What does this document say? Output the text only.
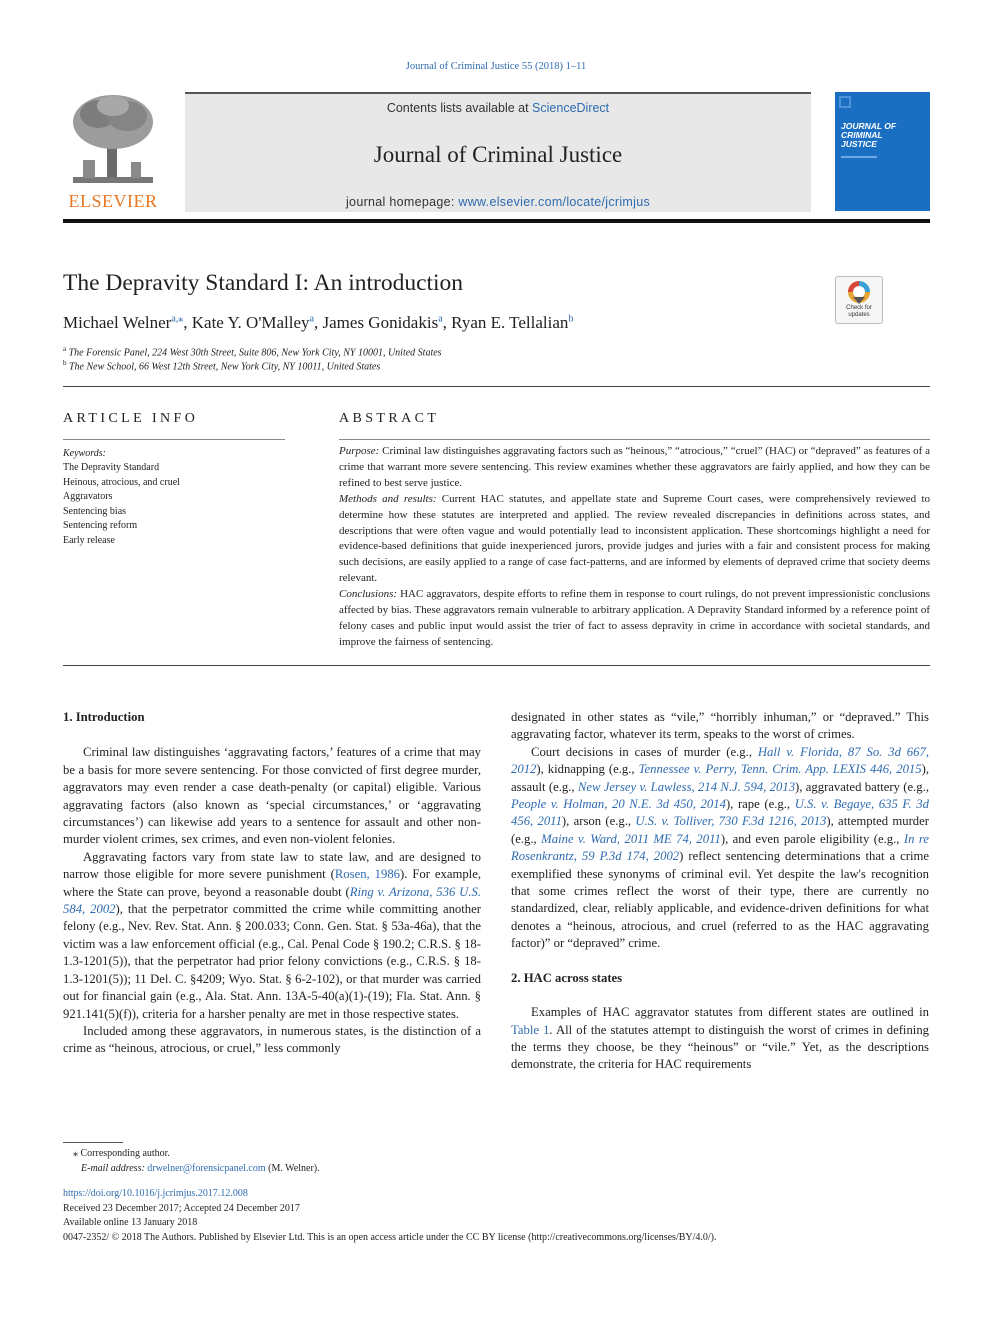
Journal of Criminal Justice 55 (2018) 1–11
ELSEVIER
Contents lists available at ScienceDirect
Journal of Criminal Justice
journal homepage: www.elsevier.com/locate/jcrimjus
JOURNAL OF CRIMINAL JUSTICE
The Depravity Standard I: An introduction
Check for updates
Michael Welner$^{a,⁎}$, Kate Y. O'Malley$^a$, James Gonidakis$^a$, Ryan E. Tellalian$^b$
$^a$ The Forensic Panel, 224 West 30th Street, Suite 806, New York City, NY 10001, United States
$^b$ The New School, 66 West 12th Street, New York City, NY 10011, United States
ARTICLE INFO
Keywords:
The Depravity Standard
Heinous, atrocious, and cruel
Aggravators
Sentencing bias
Sentencing reform
Early release
ABSTRACT

Purpose: Criminal law distinguishes aggravating factors such as “heinous,” “atrocious,” “cruel” (HAC) or “depraved” as features of a crime that warrant more severe sentencing. This review examines whether these aggravators are fairly applied, and how they can be refined to best serve justice.

Methods and results: Current HAC statutes, and appellate state and Supreme Court cases, were comprehensively reviewed to determine how these statutes are interpreted and applied. The review revealed discrepancies in definitions across states, and descriptions that were often vague and would potentially lead to inconsistent application. These shortcomings highlight a need for evidence-based definitions that guide inexperienced jurors, provide judges and juries with a fair and consistent process for making such decisions, are easily applied to a range of case fact-patterns, and are informed by elements of depraved crime that society deems relevant.

Conclusions: HAC aggravators, despite efforts to refine them in response to court rulings, do not prevent impressionistic conclusions affected by bias. These aggravators remain vulnerable to arbitrary application. A Depravity Standard informed by a reference point of felony cases and public input would assist the trier of fact to assess depravity in crime in accordance with societal standards, and improve the fairness of sentencing.

1. Introduction

Criminal law distinguishes ‘aggravating factors,’ features of a crime that may be a basis for more severe sentencing. For those convicted of first degree murder, aggravators may even render a case death-penalty (or capital) eligible. Various aggravating factors (also known as ‘special circumstances,’ or ‘aggravating circumstances’) can likewise add years to a sentence for assault and other non-murder violent crimes, sex crimes, and even non-violent felonies.

Aggravating factors vary from state law to state law, and are designed to narrow those eligible for more severe punishment (Rosen, 1986). For example, where the State can prove, beyond a reasonable doubt (Ring v. Arizona, 536 U.S. 584, 2002), that the perpetrator committed the crime while committing another felony (e.g., Nev. Rev. Stat. Ann. § 200.033; Conn. Gen. Stat. § 53a-46a), that the victim was a law enforcement official (e.g., Cal. Penal Code § 190.2; C.R.S. § 18-1.3-1201(5)), that the perpetrator had prior felony convictions (e.g., C.R.S. § 18-1.3-1201(5)); 11 Del. C. §4209; Wyo. Stat. § 6-2-102), or that murder was carried out for financial gain (e.g., Ala. Stat. Ann. 13A-5-40(a)(1)-(19); Fla. Stat. Ann. § 921.141(5)(f)), criteria for a harsher penalty are met in those respective states.

Included among these aggravators, in numerous states, is the distinction of a crime as “heinous, atrocious, or cruel,” less commonly

designated in other states as “vile,” “horribly inhuman,” or “depraved.” This aggravating factor, whatever its term, speaks to the worst of crimes.

Court decisions in cases of murder (e.g., Hall v. Florida, 87 So. 3d 667, 2012), kidnapping (e.g., Tennessee v. Perry, Tenn. Crim. App. LEXIS 446, 2015), assault (e.g., New Jersey v. Lawless, 214 N.J. 594, 2013), aggravated battery (e.g., People v. Holman, 20 N.E. 3d 450, 2014), rape (e.g., U.S. v. Begaye, 635 F. 3d 456, 2011), arson (e.g., U.S. v. Tolliver, 730 F.3d 1216, 2013), attempted murder (e.g., Maine v. Ward, 2011 ME 74, 2011), and even parole eligibility (e.g., In re Rosenkrantz, 59 P.3d 174, 2002) reflect sentencing determinations that a crime exemplified these synonyms of criminal evil. Yet despite the law's recognition that some crimes reflect the worst of their type, there are currently no standardized, clear, reliably applicable, and evidence-driven definitions for what denotes a “heinous, atrocious, and cruel (referred to as the HAC aggravating factor)” or “depraved” crime.

2. HAC across states

Examples of HAC aggravator statutes from different states are outlined in Table 1. All of the statutes attempt to distinguish the worst of crimes in defining the terms they choose, be they “heinous” or “vile.” Yet, as the descriptions demonstrate, the criteria for HAC requirements

⁎ Corresponding author.
E-mail address: drwelner@forensicpanel.com (M. Welner).
https://doi.org/10.1016/j.jcrimjus.2017.12.008
Received 23 December 2017; Accepted 24 December 2017
Available online 13 January 2018
0047-2352/ © 2018 The Authors. Published by Elsevier Ltd. This is an open access article under the CC BY license (http://creativecommons.org/licenses/BY/4.0/).
